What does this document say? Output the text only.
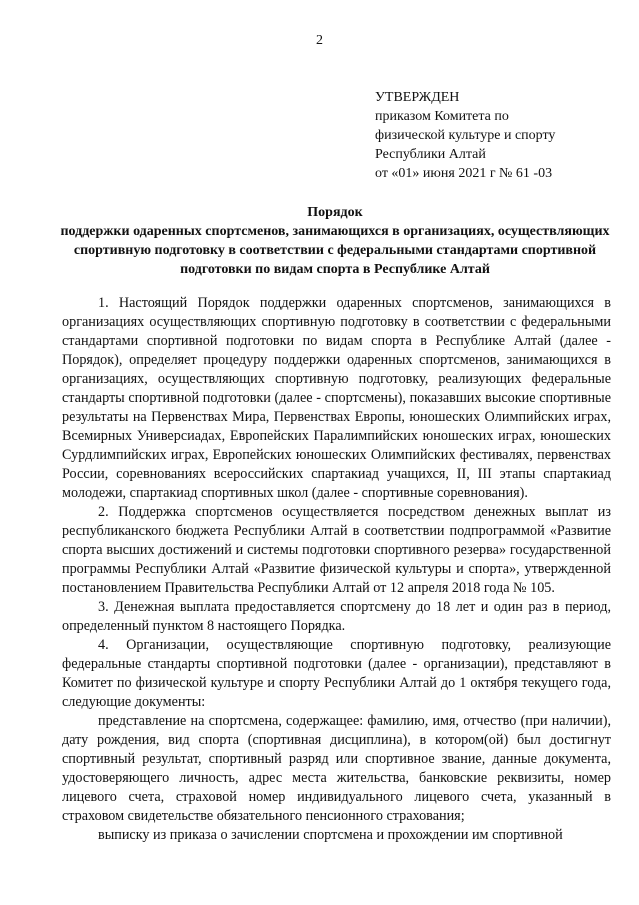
2
УТВЕРЖДЕН
приказом Комитета по
физической культуре и спорту
Республики Алтай
от «01» июня 2021 г № 61 -03
Порядок
поддержки одаренных спортсменов, занимающихся в организациях, осуществляющих спортивную подготовку в соответствии с федеральными стандартами спортивной подготовки по видам спорта в Республике Алтай

1. Настоящий Порядок поддержки одаренных спортсменов, занимающихся в организациях осуществляющих спортивную подготовку в соответствии с федеральными стандартами спортивной подготовки по видам спорта в Республике Алтай (далее - Порядок), определяет процедуру поддержки одаренных спортсменов, занимающихся в организациях, осуществляющих спортивную подготовку, реализующих федеральные стандарты спортивной подготовки (далее - спортсмены), показавших высокие спортивные результаты на Первенствах Мира, Первенствах Европы, юношеских Олимпийских играх, Всемирных Универсиадах, Европейских Паралимпийских юношеских играх, юношеских Сурдлимпийских играх, Европейских юношеских Олимпийских фестивалях, первенствах России, соревнованиях всероссийских спартакиад учащихся, II, III этапы спартакиад молодежи, спартакиад спортивных школ (далее - спортивные соревнования).

2. Поддержка спортсменов осуществляется посредством денежных выплат из республиканского бюджета Республики Алтай в соответствии подпрограммой «Развитие спорта высших достижений и системы подготовки спортивного резерва» государственной программы Республики Алтай «Развитие физической культуры и спорта», утвержденной постановлением Правительства Республики Алтай от 12 апреля 2018 года № 105.

3. Денежная выплата предоставляется спортсмену до 18 лет и один раз в период, определенный пунктом 8 настоящего Порядка.

4. Организации, осуществляющие спортивную подготовку, реализующие федеральные стандарты спортивной подготовки (далее - организации), представляют в Комитет по физической культуре и спорту Республики Алтай до 1 октября текущего года, следующие документы:

представление на спортсмена, содержащее: фамилию, имя, отчество (при наличии), дату рождения, вид спорта (спортивная дисциплина), в котором(ой) был достигнут спортивный результат, спортивный разряд или спортивное звание, данные документа, удостоверяющего личность, адрес места жительства, банковские реквизиты, номер лицевого счета, страховой номер индивидуального лицевого счета, указанный в страховом свидетельстве обязательного пенсионного страхования;

выписку из приказа о зачислении спортсмена и прохождении им спортивной
